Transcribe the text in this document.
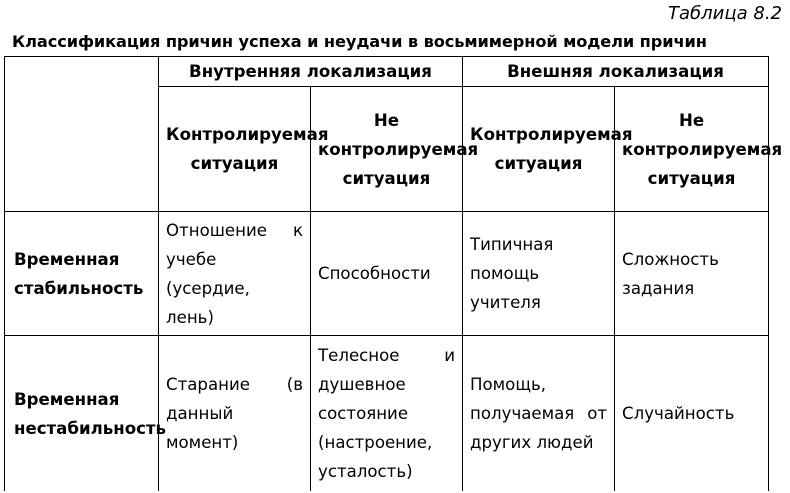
Таблица 8.2
Классификация причин успеха и неудачи в восьмимерной модели причин
	Внутренняя локализация		Внешняя локализация	
	Контролируемая ситуация	Не контролируемая ситуация	Контролируемая ситуация	Не контролируемая ситуация
Временная стабильность	Отношение к учебе (усердие, лень)	Способности	Типичная помощь учителя	Сложность задания
Временная нестабильность	Старание (в данный момент)	Телесное и душевное состояние (настроение, усталость)	Помощь, получаемая от других людей	Случайность
